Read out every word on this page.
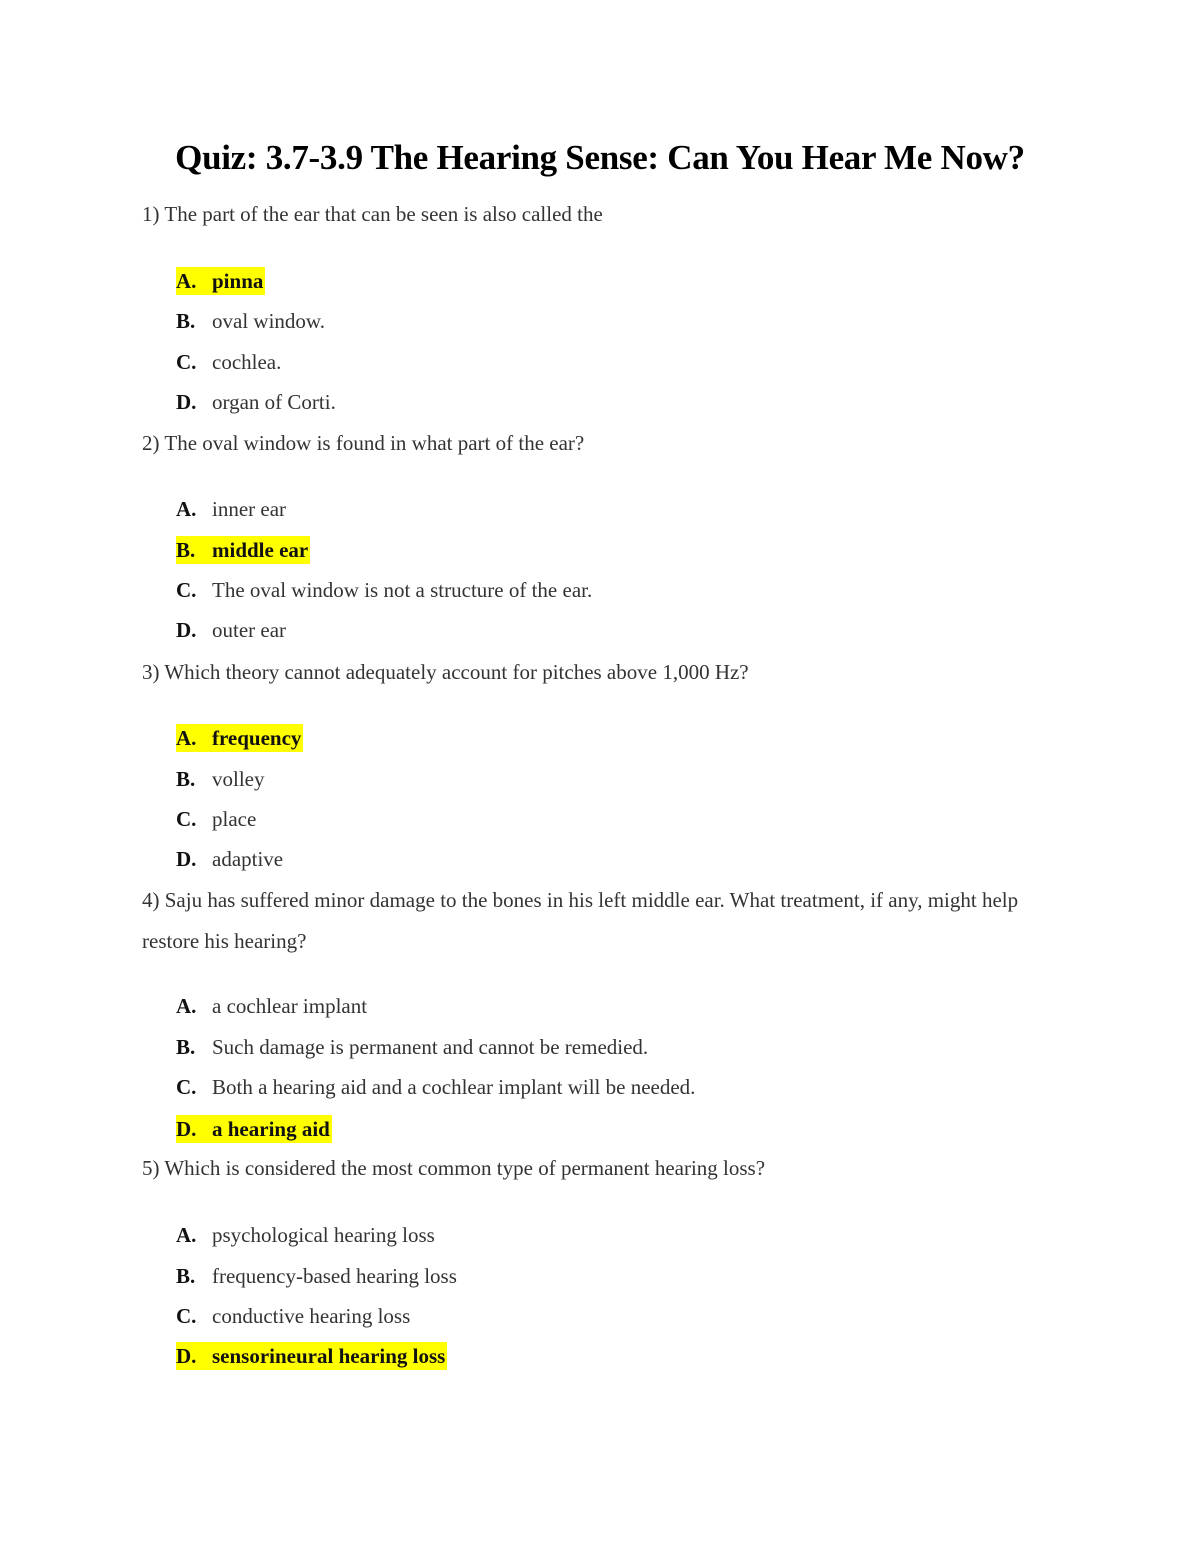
Quiz: 3.7-3.9 The Hearing Sense: Can You Hear Me Now?
1) The part of the ear that can be seen is also called the
A. pinna
B. oval window.
C. cochlea.
D. organ of Corti.
2) The oval window is found in what part of the ear?
A. inner ear
B. middle ear
C. The oval window is not a structure of the ear.
D. outer ear
3) Which theory cannot adequately account for pitches above 1,000 Hz?
A. frequency
B. volley
C. place
D. adaptive
4) Saju has suffered minor damage to the bones in his left middle ear. What treatment, if any, might help restore his hearing?
A. a cochlear implant
B. Such damage is permanent and cannot be remedied.
C. Both a hearing aid and a cochlear implant will be needed.
D. a hearing aid
5) Which is considered the most common type of permanent hearing loss?
A. psychological hearing loss
B. frequency-based hearing loss
C. conductive hearing loss
D. sensorineural hearing loss
